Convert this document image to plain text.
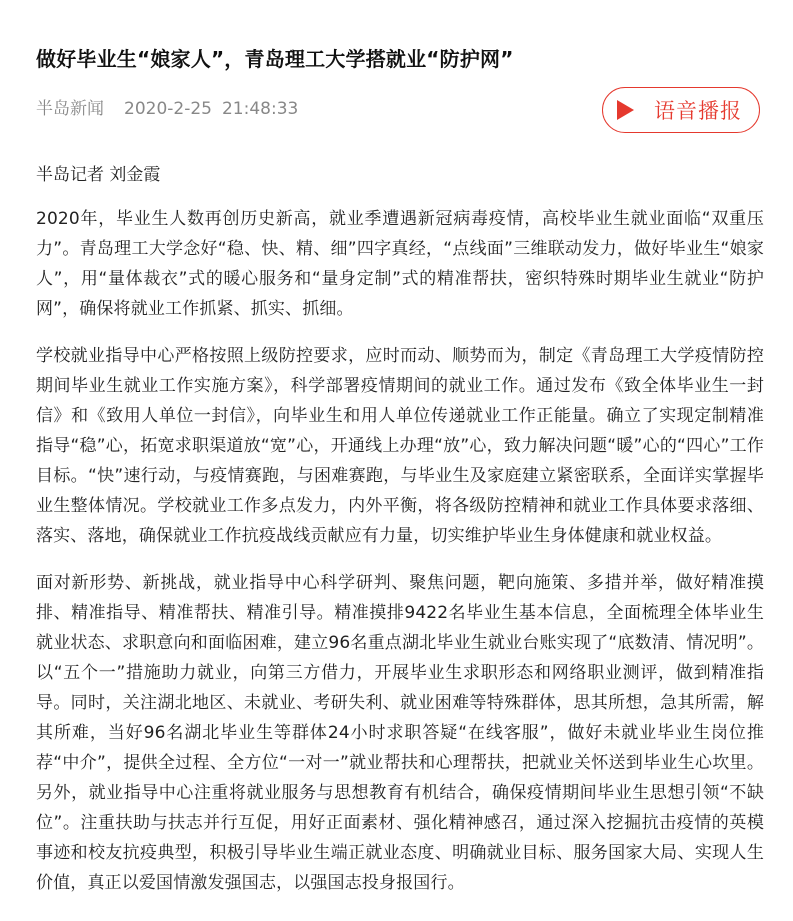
做好毕业生“娘家人”，青岛理工大学搭就业“防护网”
半岛新闻 2020-2-25 21:48:33	语音播报

半岛记者 刘金霞

2020年，毕业生人数再创历史新高，就业季遭遇新冠病毒疫情，高校毕业生就业面临“双重压力”。青岛理工大学念好“稳、快、精、细”四字真经，“点线面”三维联动发力，做好毕业生“娘家人”，用“量体裁衣”式的暖心服务和“量身定制”式的精准帮扶，密织特殊时期毕业生就业“防护网”，确保将就业工作抓紧、抓实、抓细。

学校就业指导中心严格按照上级防控要求，应时而动、顺势而为，制定《青岛理工大学疫情防控期间毕业生就业工作实施方案》，科学部署疫情期间的就业工作。通过发布《致全体毕业生一封信》和《致用人单位一封信》，向毕业生和用人单位传递就业工作正能量。确立了实现定制精准指导“稳”心，拓宽求职渠道放“宽”心，开通线上办理“放”心，致力解决问题“暖”心的“四心”工作目标。“快”速行动，与疫情赛跑，与困难赛跑，与毕业生及家庭建立紧密联系，全面详实掌握毕业生整体情况。学校就业工作多点发力，内外平衡，将各级防控精神和就业工作具体要求落细、落实、落地，确保就业工作抗疫战线贡献应有力量，切实维护毕业生身体健康和就业权益。

面对新形势、新挑战，就业指导中心科学研判、聚焦问题，靶向施策、多措并举，做好精准摸排、精准指导、精准帮扶、精准引导。精准摸排9422名毕业生基本信息，全面梳理全体毕业生就业状态、求职意向和面临困难，建立96名重点湖北毕业生就业台账实现了“底数清、情况明”。以“五个一”措施助力就业，向第三方借力，开展毕业生求职形态和网络职业测评，做到精准指导。同时，关注湖北地区、未就业、考研失利、就业困难等特殊群体，思其所想，急其所需，解其所难，当好96名湖北毕业生等群体24小时求职答疑“在线客服”，做好未就业毕业生岗位推荐“中介”，提供全过程、全方位“一对一”就业帮扶和心理帮扶，把就业关怀送到毕业生心坎里。另外，就业指导中心注重将就业服务与思想教育有机结合，确保疫情期间毕业生思想引领“不缺位”。注重扶助与扶志并行互促，用好正面素材、强化精神感召，通过深入挖掘抗击疫情的英模事迹和校友抗疫典型，积极引导毕业生端正就业态度、明确就业目标、服务国家大局、实现人生价值，真正以爱国情激发强国志，以强国志投身报国行。
